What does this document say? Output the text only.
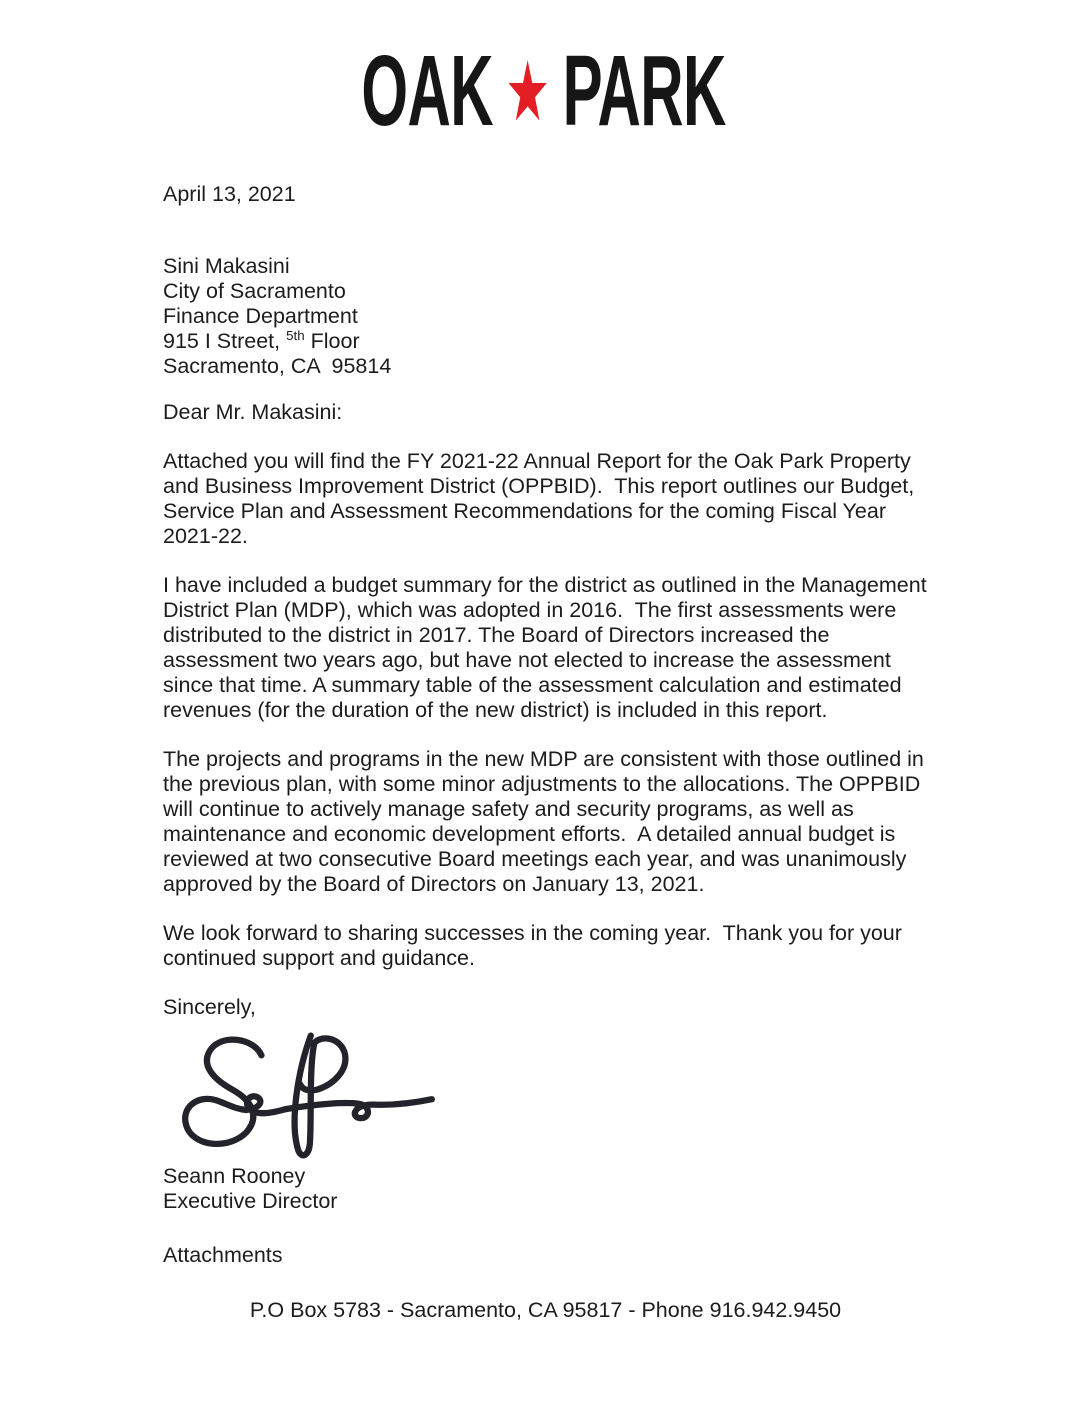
OAK PARK
April 13, 2021
Sini Makasini
City of Sacramento
Finance Department
915 I Street, $^{5th}$ Floor
Sacramento, CA  95814
Dear Mr. Makasini:
Attached you will find the FY 2021-22 Annual Report for the Oak Park Property and Business Improvement District (OPPBID).  This report outlines our Budget, Service Plan and Assessment Recommendations for the coming Fiscal Year 2021-22.
I have included a budget summary for the district as outlined in the Management District Plan (MDP), which was adopted in 2016.  The first assessments were distributed to the district in 2017. The Board of Directors increased the assessment two years ago, but have not elected to increase the assessment since that time. A summary table of the assessment calculation and estimated revenues (for the duration of the new district) is included in this report.
The projects and programs in the new MDP are consistent with those outlined in the previous plan, with some minor adjustments to the allocations. The OPPBID will continue to actively manage safety and security programs, as well as maintenance and economic development efforts.  A detailed annual budget is reviewed at two consecutive Board meetings each year, and was unanimously approved by the Board of Directors on January 13, 2021.
We look forward to sharing successes in the coming year.  Thank you for your continued support and guidance.
Sincerely,
Seann Rooney
Executive Director
Attachments
P.O Box 5783 - Sacramento, CA 95817 - Phone 916.942.9450
